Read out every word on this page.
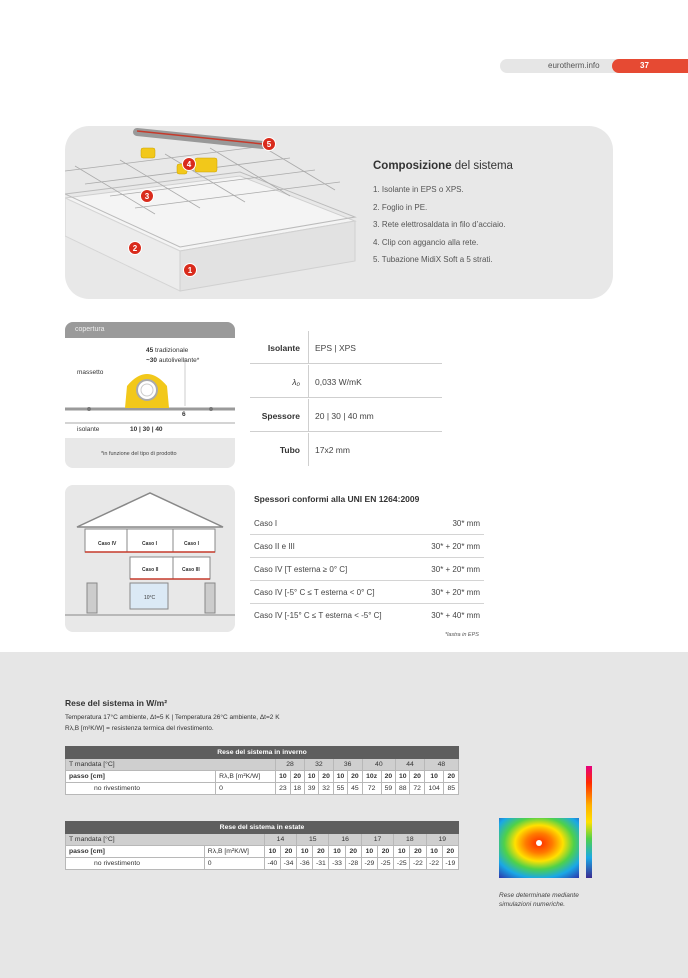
eurotherm.info	37
1
2
3
4
5
Composizione del sistema
1. Isolante in EPS o XPS.
2. Foglio in PE.
3. Rete elettrosaldata in filo d’acciaio.
4. Clip con aggancio alla rete.
5. Tubazione MidiX Soft a 5 strati.
copertura
45 tradizionale
~30 autolivellante*
massetto
6
isolante	10 | 30 | 40
*in funzione del tipo di prodotto
Isolante EPS | XPS
λ₀ 0,033 W/mK
Spessore 20 | 30 | 40 mm
Tubo 17x2 mm
Caso IV	Caso I	Caso I
Caso II	Caso III
10°C
Spessori conformi alla UNI EN 1264:2009
Caso I	30* mm
Caso II e III	30* + 20* mm
Caso IV [T esterna ≥ 0° C]	30* + 20* mm
Caso IV [-5° C ≤ T esterna < 0° C]	30* + 20* mm
Caso IV [-15° C ≤ T esterna < -5° C]	30* + 40* mm
*lastra in EPS
Rese del sistema in W/m²
Temperatura 17°C ambiente, Δt=5 K | Temperatura 26°C ambiente, Δt=2 K
Rλ,B [m²K/W] = resistenza termica del rivestimento.
Rese del sistema in inverno													
T mandata [°C]		28		32		36		40		44		48	
passo [cm]	Rλ,B [m²K/W]	10	20	10	20	10	20	10z	20	10	20	10	20
no rivestimento	0	23	18	39	32	55	45	72	59	88	72	104	85
Rese del sistema in estate													
T mandata [°C]		14		15		16		17		18		19	
passo [cm]	Rλ,B [m²K/W]	10	20	10	20	10	20	10	20	10	20	10	20
no rivestimento	0	-40	-34	-36	-31	-33	-28	-29	-25	-25	-22	-22	-19
Rese determinate mediante
simulazioni numeriche.
